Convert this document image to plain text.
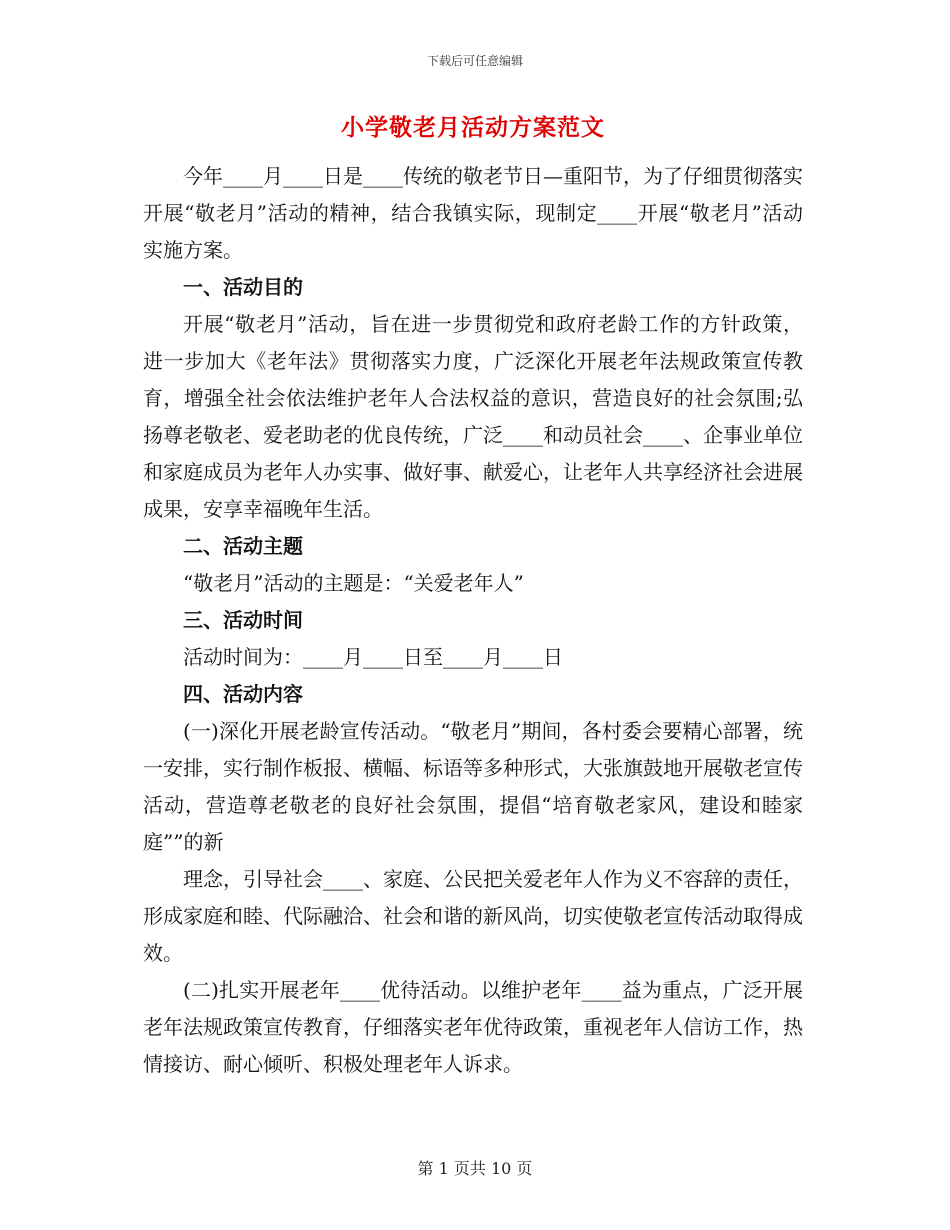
下载后可任意编辑
小学敬老月活动方案范文

今年____月____日是____传统的敬老节日—重阳节，为了仔细贯彻落实开展“敬老月”活动的精神，结合我镇实际，现制定____开展“敬老月”活动实施方案。

一、活动目的

开展“敬老月”活动，旨在进一步贯彻党和政府老龄工作的方针政策，进一步加大《老年法》贯彻落实力度，广泛深化开展老年法规政策宣传教育，增强全社会依法维护老年人合法权益的意识，营造良好的社会氛围;弘扬尊老敬老、爱老助老的优良传统，广泛____和动员社会____、企事业单位和家庭成员为老年人办实事、做好事、献爱心，让老年人共享经济社会进展成果，安享幸福晚年生活。

二、活动主题
“敬老月”活动的主题是：“关爱老年人”
三、活动时间
活动时间为：____月____日至____月____日
四、活动内容

(一)深化开展老龄宣传活动。“敬老月”期间，各村委会要精心部署，统一安排，实行制作板报、横幅、标语等多种形式，大张旗鼓地开展敬老宣传活动，营造尊老敬老的良好社会氛围，提倡“培育敬老家风，建设和睦家庭””的新

理念，引导社会____、家庭、公民把关爱老年人作为义不容辞的责任，形成家庭和睦、代际融洽、社会和谐的新风尚，切实使敬老宣传活动取得成效。

(二)扎实开展老年____优待活动。以维护老年____益为重点，广泛开展老年法规政策宣传教育，仔细落实老年优待政策，重视老年人信访工作，热情接访、耐心倾听、积极处理老年人诉求。

第 1 页共 10 页
